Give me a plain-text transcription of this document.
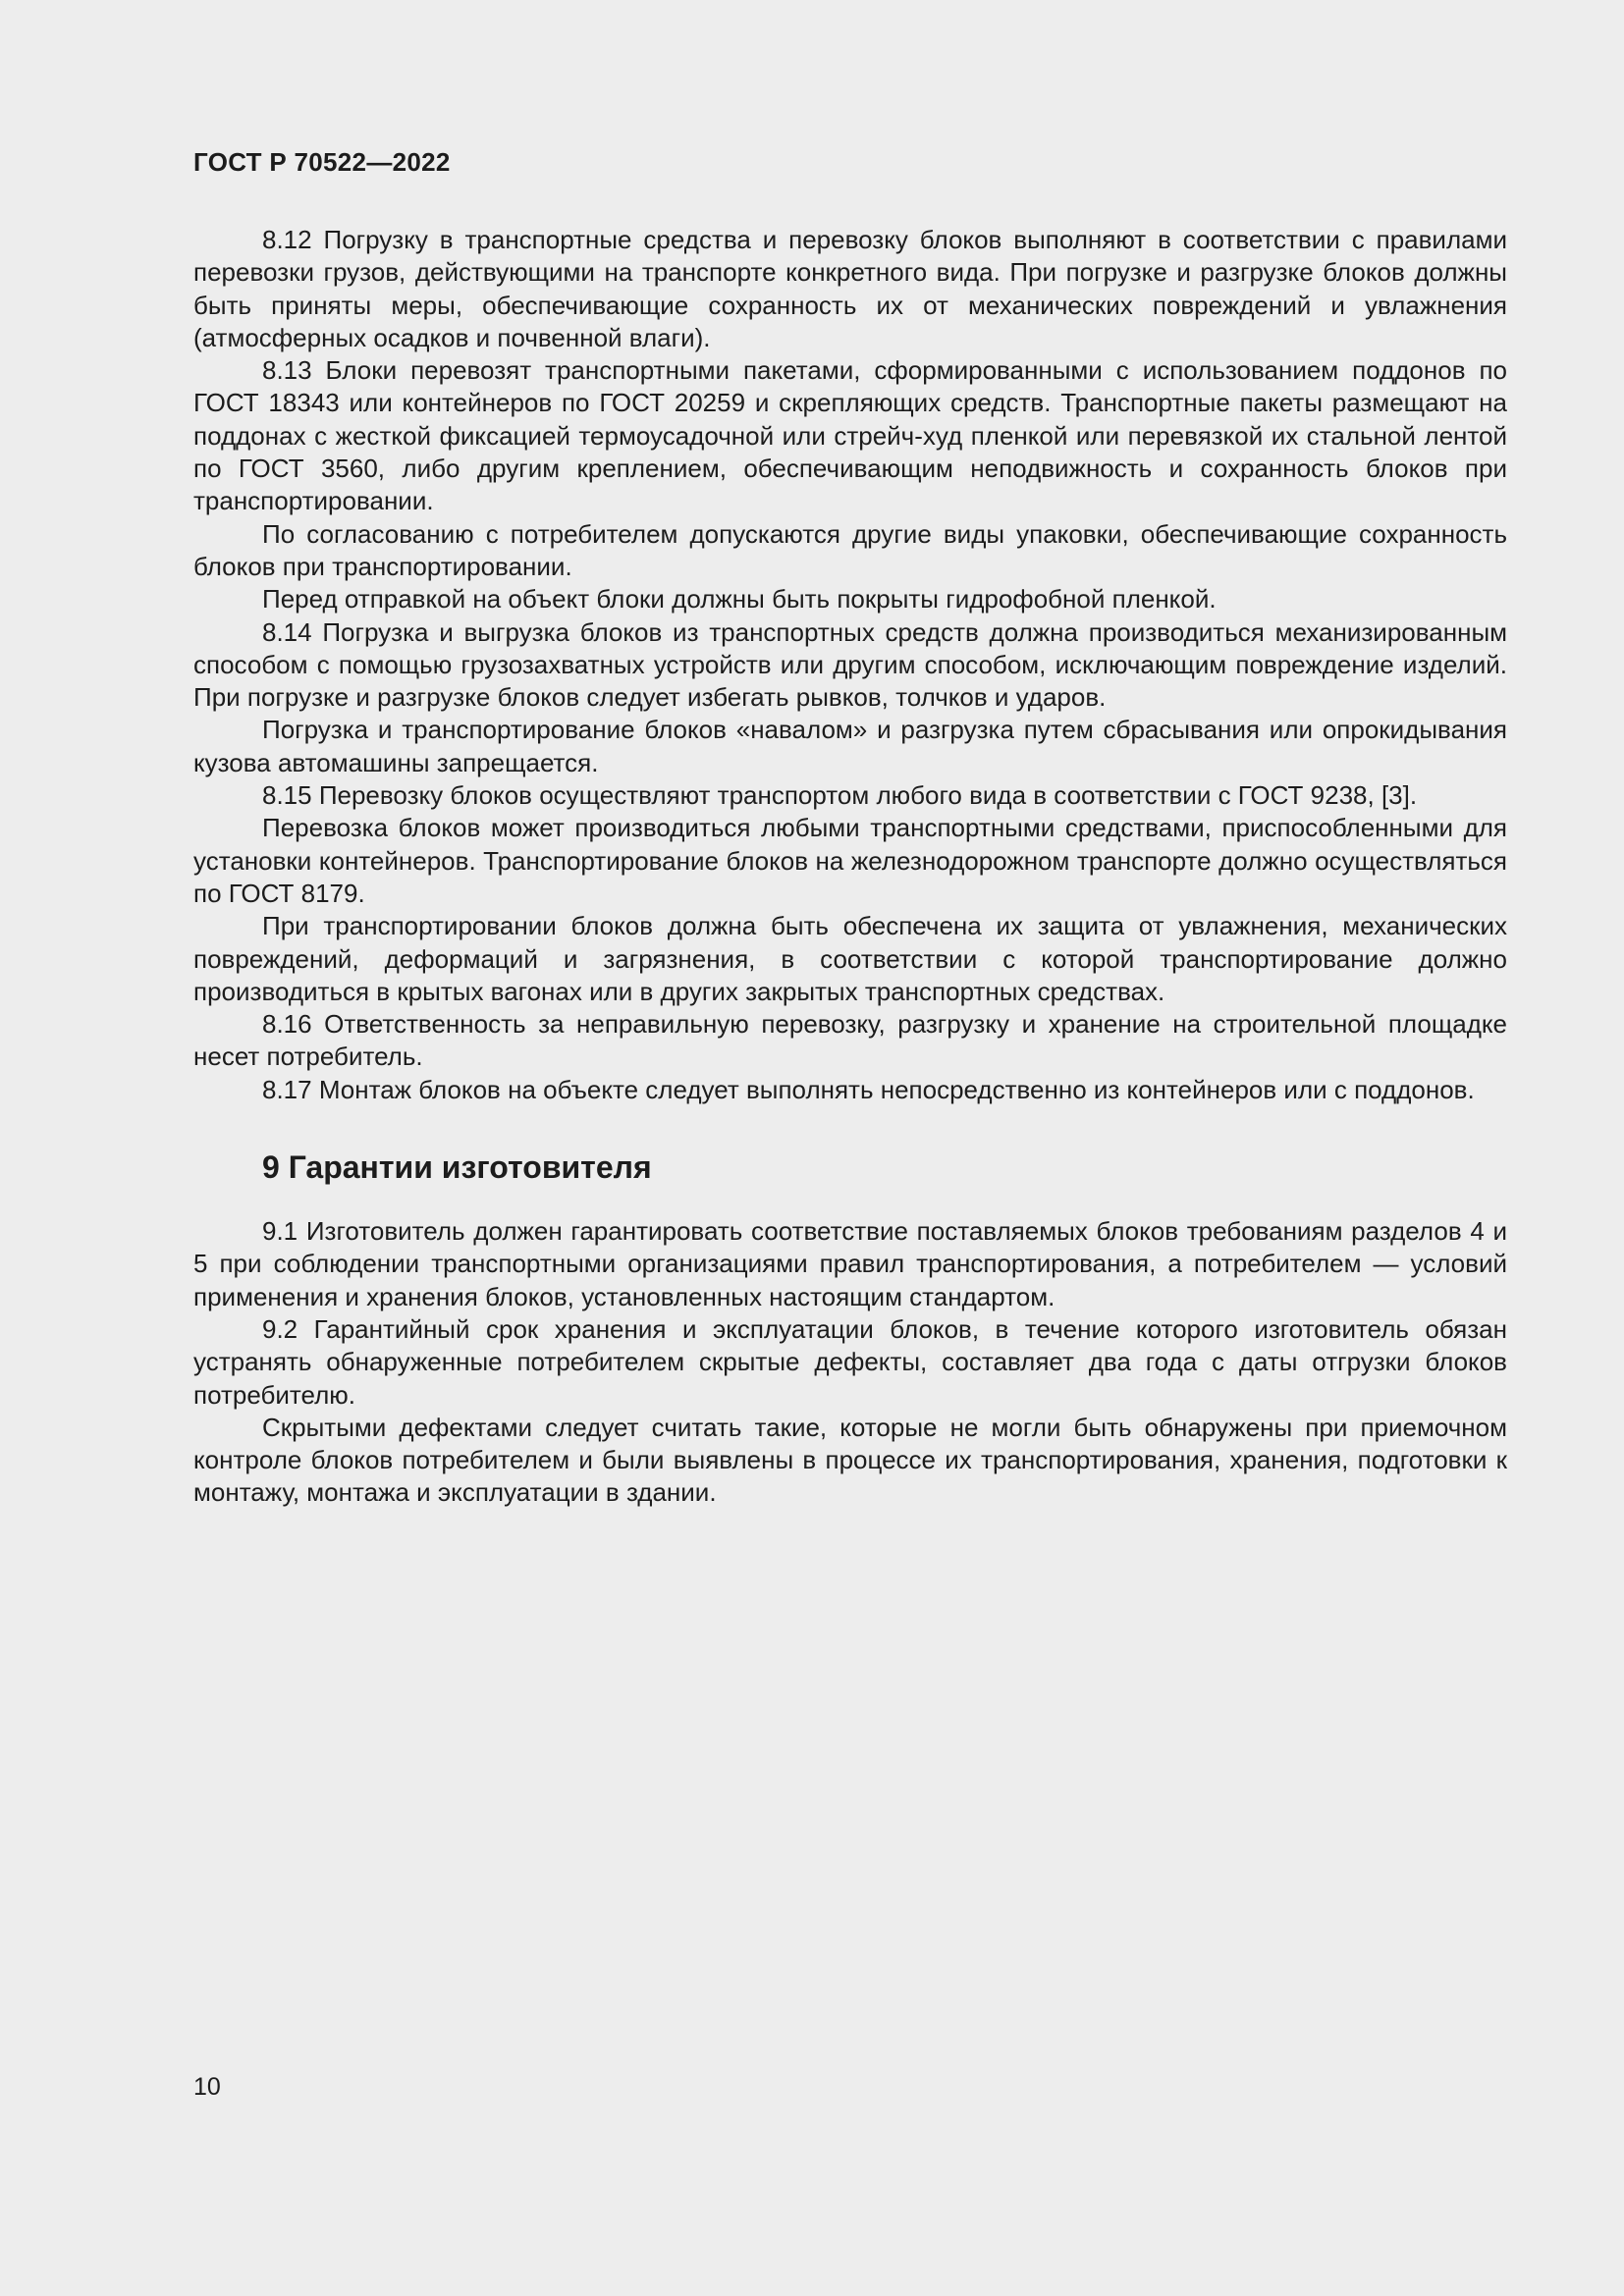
ГОСТ Р 70522—2022

8.12 Погрузку в транспортные средства и перевозку блоков выполняют в соответствии с правилами перевозки грузов, действующими на транспорте конкретного вида. При погрузке и разгрузке блоков должны быть приняты меры, обеспечивающие сохранность их от механических повреждений и увлажнения (атмосферных осадков и почвенной влаги).

8.13 Блоки перевозят транспортными пакетами, сформированными с использованием поддонов по ГОСТ 18343 или контейнеров по ГОСТ 20259 и скрепляющих средств. Транспортные пакеты размещают на поддонах с жесткой фиксацией термоусадочной или стрейч-худ пленкой или перевязкой их стальной лентой по ГОСТ 3560, либо другим креплением, обеспечивающим неподвижность и сохранность блоков при транспортировании.

По согласованию с потребителем допускаются другие виды упаковки, обеспечивающие сохранность блоков при транспортировании.

Перед отправкой на объект блоки должны быть покрыты гидрофобной пленкой.

8.14 Погрузка и выгрузка блоков из транспортных средств должна производиться механизированным способом с помощью грузозахватных устройств или другим способом, исключающим повреждение изделий. При погрузке и разгрузке блоков следует избегать рывков, толчков и ударов.

Погрузка и транспортирование блоков «навалом» и разгрузка путем сбрасывания или опрокидывания кузова автомашины запрещается.

8.15 Перевозку блоков осуществляют транспортом любого вида в соответствии с ГОСТ 9238, [3].

Перевозка блоков может производиться любыми транспортными средствами, приспособленными для установки контейнеров. Транспортирование блоков на железнодорожном транспорте должно осуществляться по ГОСТ 8179.

При транспортировании блоков должна быть обеспечена их защита от увлажнения, механических повреждений, деформаций и загрязнения, в соответствии с которой транспортирование должно производиться в крытых вагонах или в других закрытых транспортных средствах.

8.16 Ответственность за неправильную перевозку, разгрузку и хранение на строительной площадке несет потребитель.

8.17 Монтаж блоков на объекте следует выполнять непосредственно из контейнеров или с поддонов.

9 Гарантии изготовителя

9.1 Изготовитель должен гарантировать соответствие поставляемых блоков требованиям разделов 4 и 5 при соблюдении транспортными организациями правил транспортирования, а потребителем — условий применения и хранения блоков, установленных настоящим стандартом.

9.2 Гарантийный срок хранения и эксплуатации блоков, в течение которого изготовитель обязан устранять обнаруженные потребителем скрытые дефекты, составляет два года с даты отгрузки блоков потребителю.

Скрытыми дефектами следует считать такие, которые не могли быть обнаружены при приемочном контроле блоков потребителем и были выявлены в процессе их транспортирования, хранения, подготовки к монтажу, монтажа и эксплуатации в здании.

10
